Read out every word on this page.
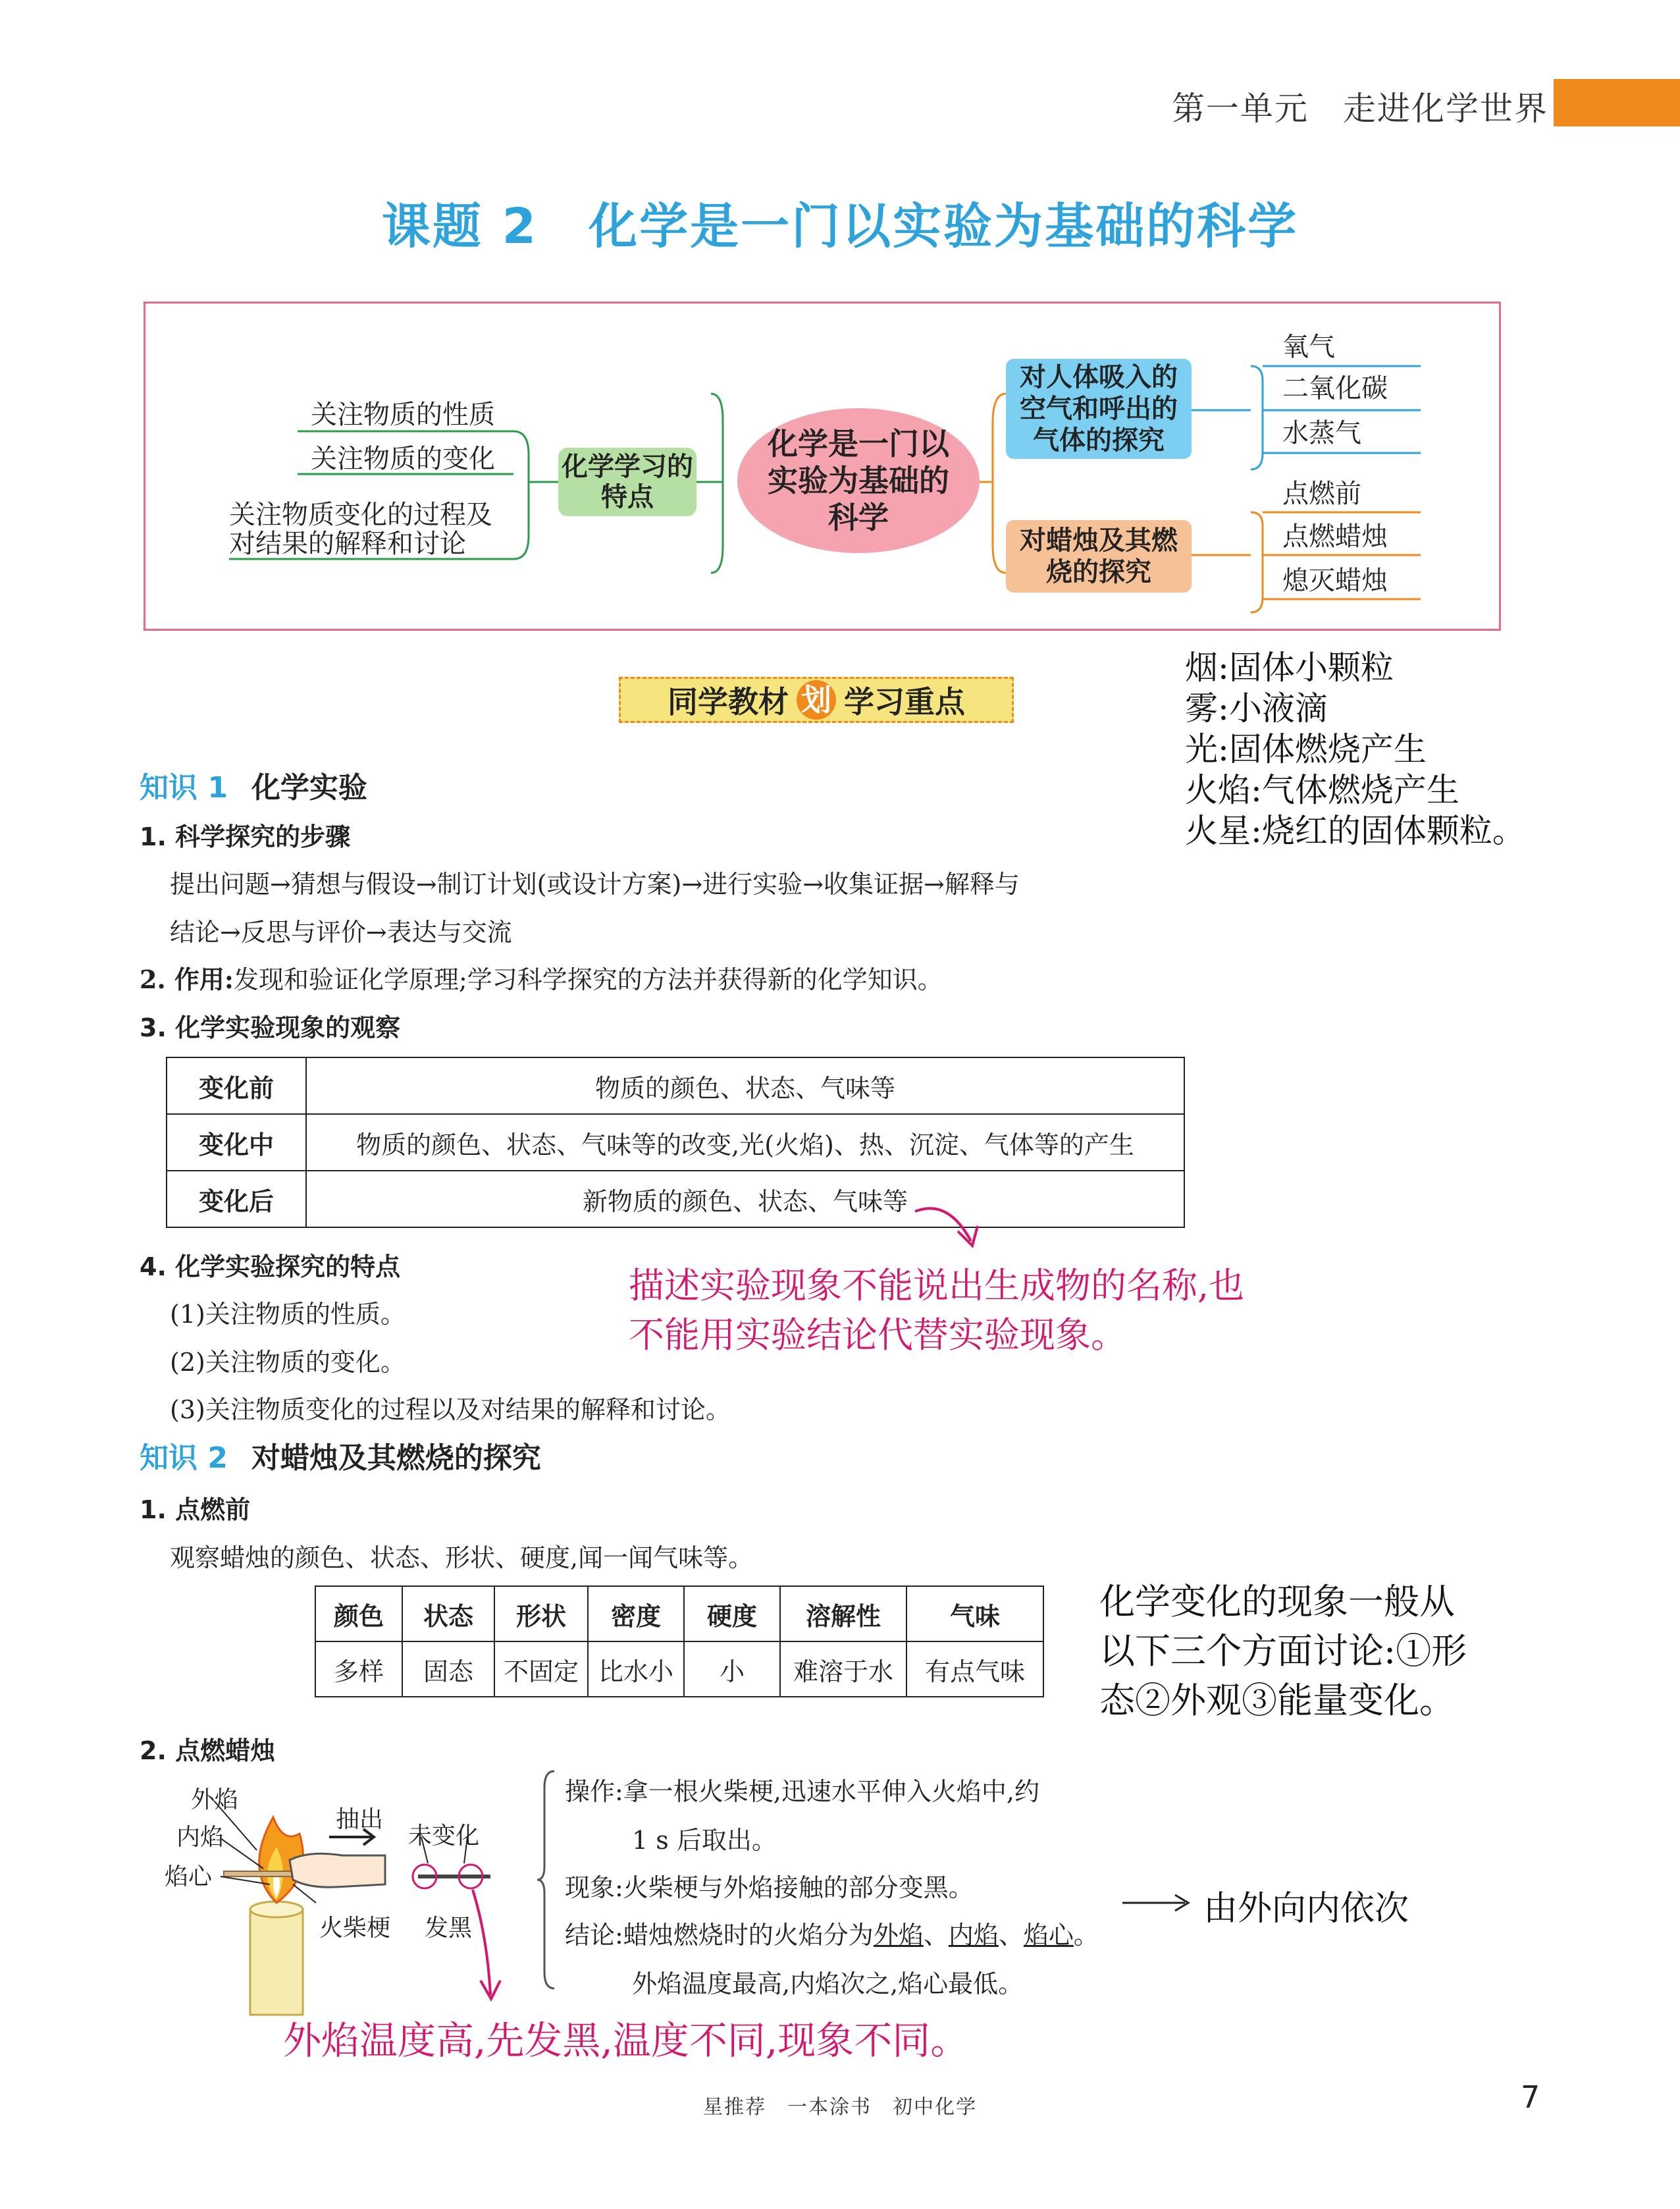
第一单元　走进化学世界
课题 2　化学是一门以实验为基础的科学
关注物质的性质
关注物质的变化
关注物质变化的过程及对结果的解释和讨论
化学学习的特点
化学是一门以实验为基础的科学
对人体吸入的空气和呼出的气体的探究
对蜡烛及其燃烧的探究
氧气
二氧化碳
水蒸气
点燃前
点燃蜡烛
熄灭蜡烛
烟:固体小颗粒
雾:小液滴
光:固体燃烧产生
火焰:气体燃烧产生
火星:烧红的固体颗粒。
同学教材 划 学习重点
知识 1 化学实验
1. 科学探究的步骤
提出问题→猜想与假设→制订计划(或设计方案)→进行实验→收集证据→解释与
结论→反思与评价→表达与交流
2. 作用:发现和验证化学原理;学习科学探究的方法并获得新的化学知识。
3. 化学实验现象的观察
变化前	物质的颜色、状态、气味等
变化中	物质的颜色、状态、气味等的改变,光(火焰)、热、沉淀、气体等的产生
变化后	新物质的颜色、状态、气味等
4. 化学实验探究的特点
(1)关注物质的性质。
(2)关注物质的变化。
(3)关注物质变化的过程以及对结果的解释和讨论。
描述实验现象不能说出生成物的名称,也
不能用实验结论代替实验现象。
知识 2 对蜡烛及其燃烧的探究
1. 点燃前
观察蜡烛的颜色、状态、形状、硬度,闻一闻气味等。
颜色	状态	形状	密度	硬度	溶解性	气味
多样	固态	不固定	比水小	小	难溶于水	有点气味
化学变化的现象一般从
以下三个方面讨论:①形
态②外观③能量变化。
2. 点燃蜡烛
外焰
内焰
焰心
抽出
未变化
火柴梗 发黑
操作:拿一根火柴梗,迅速水平伸入火焰中,约
1 s 后取出。
现象:火柴梗与外焰接触的部分变黑。
结论:蜡烛燃烧时的火焰分为外焰、内焰、焰心。
外焰温度最高,内焰次之,焰心最低。
由外向内依次
外焰温度高,先发黑,温度不同,现象不同。
星推荐　一本涂书　初中化学	7
